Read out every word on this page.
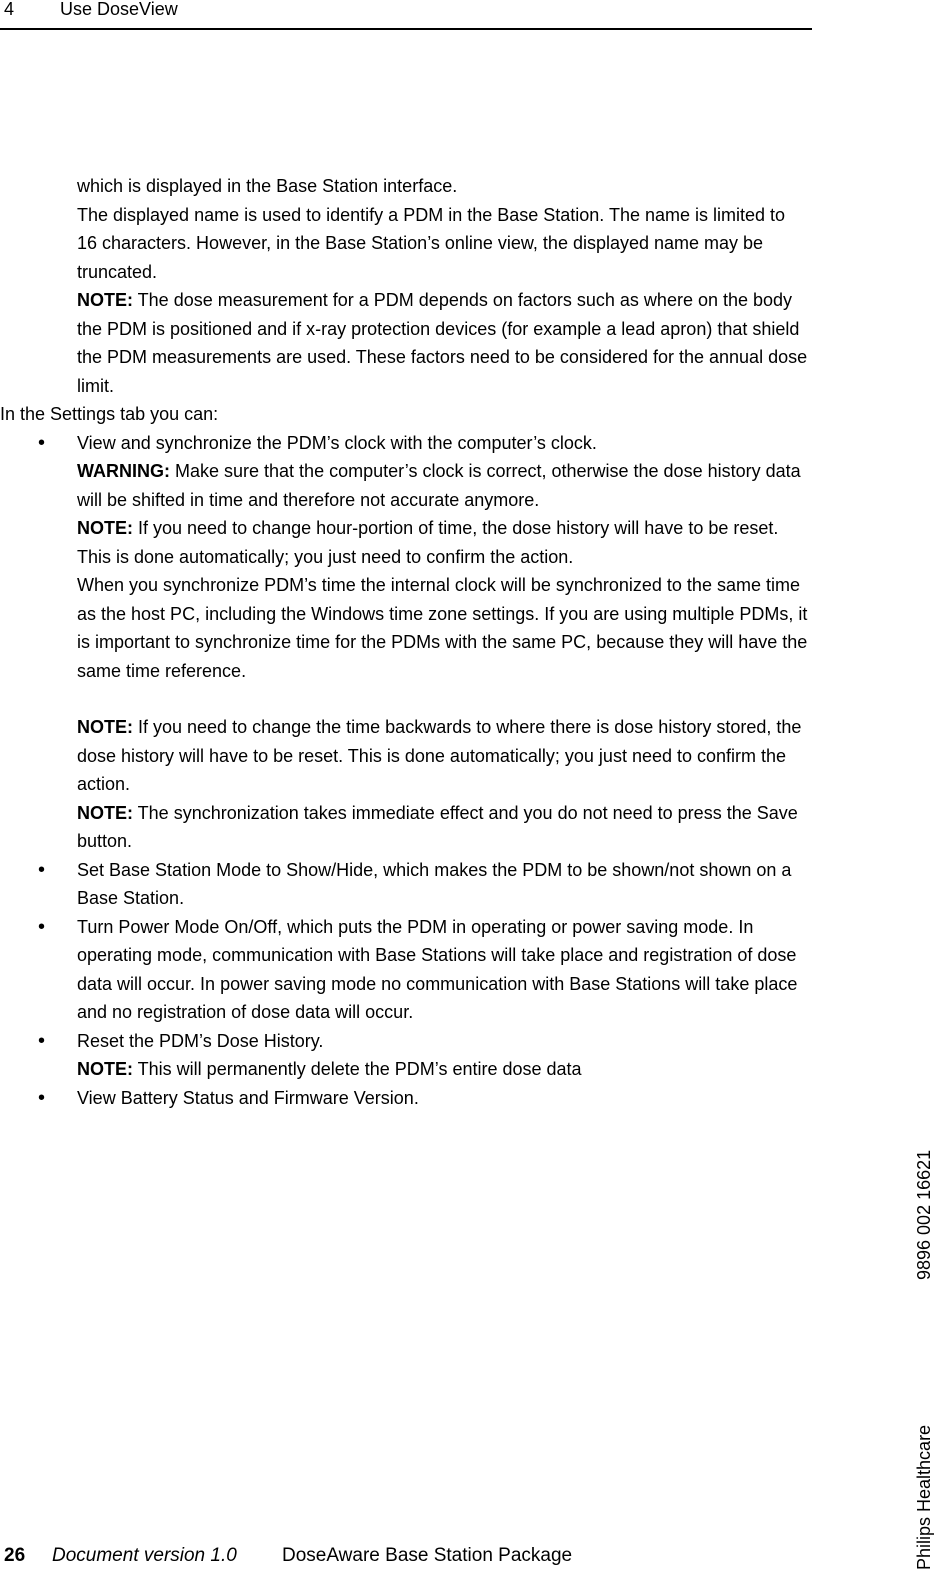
4	Use DoseView

which is displayed in the Base Station interface.

The displayed name is used to identify a PDM in the Base Station. The name is limited to 16 characters. However, in the Base Station’s online view, the displayed name may be truncated.

NOTE: The dose measurement for a PDM depends on factors such as where on the body the PDM is positioned and if x-ray protection devices (for example a lead apron) that shield the PDM measurements are used. These factors need to be considered for the annual dose limit.

In the Settings tab you can:

• View and synchronize the PDM’s clock with the computer’s clock.

WARNING: Make sure that the computer’s clock is correct, otherwise the dose history data will be shifted in time and therefore not accurate anymore.

NOTE: If you need to change hour-portion of time, the dose history will have to be reset. This is done automatically; you just need to confirm the action.

When you synchronize PDM’s time the internal clock will be synchronized to the same time as the host PC, including the Windows time zone settings. If you are using multiple PDMs, it is important to synchronize time for the PDMs with the same PC, because they will have the same time reference.

NOTE: If you need to change the time backwards to where there is dose history stored, the dose history will have to be reset. This is done automatically; you just need to confirm the action.

NOTE: The synchronization takes immediate effect and you do not need to press the Save button.

• Set Base Station Mode to Show/Hide, which makes the PDM to be shown/not shown on a Base Station.

• Turn Power Mode On/Off, which puts the PDM in operating or power saving mode. In operating mode, communication with Base Stations will take place and registration of dose data will occur. In power saving mode no communication with Base Stations will take place and no registration of dose data will occur.

• Reset the PDM’s Dose History.

NOTE: This will permanently delete the PDM’s entire dose data

• View Battery Status and Firmware Version.

26 Document version 1.0 DoseAware Base Station Package	Philips Healthcare
9896 002 16621
